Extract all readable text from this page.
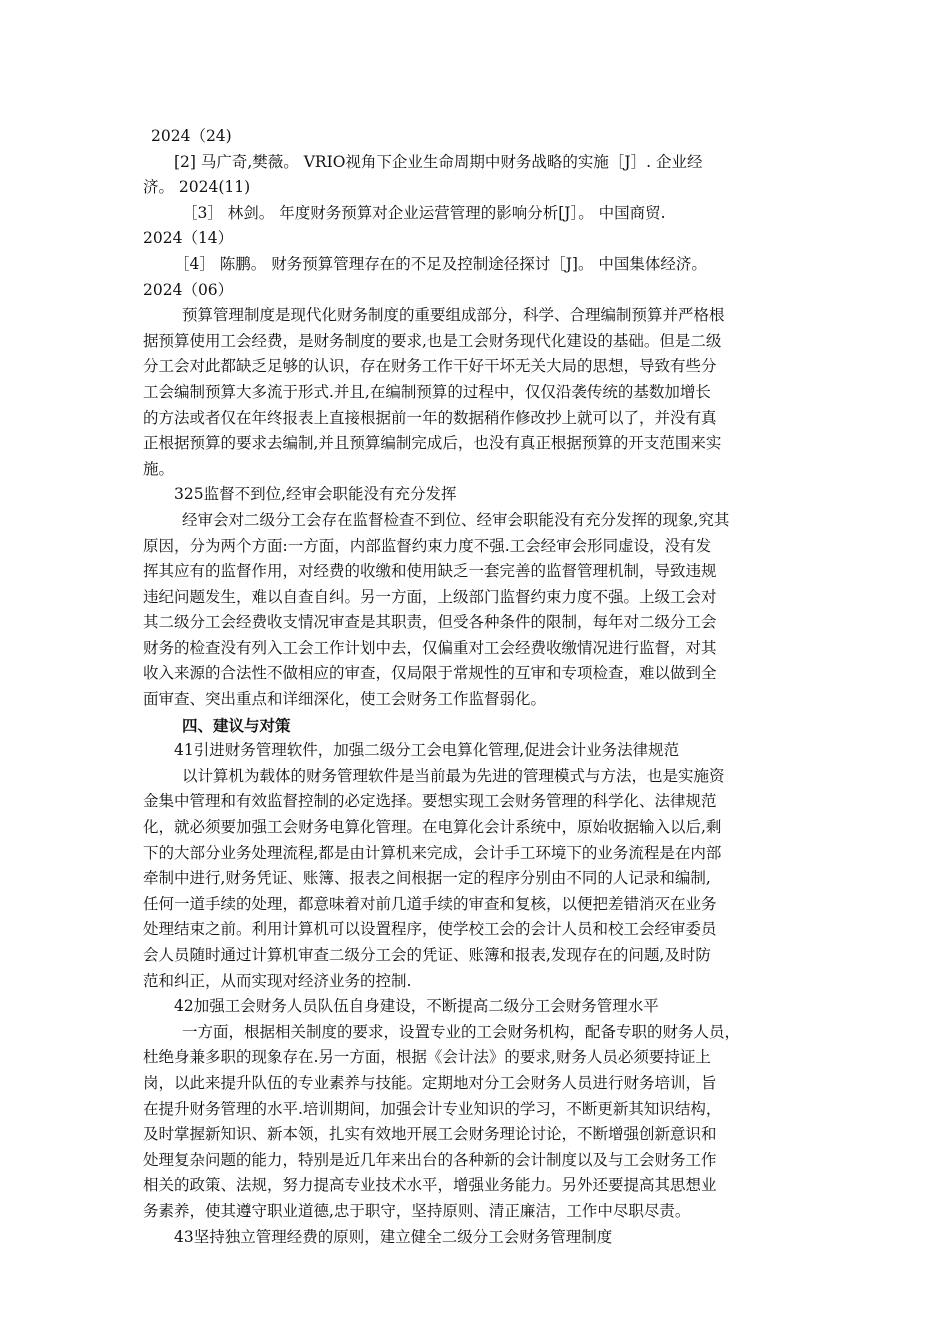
2024（24)
[2] 马广奇,樊薇。 VRIO视角下企业生命周期中财务战略的实施［J］. 企业经
济。 2024(11)
［3］ 林剑。 年度财务预算对企业运营管理的影响分析[J］。 中国商贸.
2024（14）
［4］ 陈鹏。 财务预算管理存在的不足及控制途径探讨［J]。 中国集体经济。
2024（06）
预算管理制度是现代化财务制度的重要组成部分，科学、合理编制预算并严格根
据预算使用工会经费，是财务制度的要求,也是工会财务现代化建设的基础。但是二级
分工会对此都缺乏足够的认识，存在财务工作干好干坏无关大局的思想，导致有些分
工会编制预算大多流于形式.并且,在编制预算的过程中，仅仅沿袭传统的基数加增长
的方法或者仅在年终报表上直接根据前一年的数据稍作修改抄上就可以了，并没有真
正根据预算的要求去编制,并且预算编制完成后，也没有真正根据预算的开支范围来实
施。
325监督不到位,经审会职能没有充分发挥
经审会对二级分工会存在监督检查不到位、经审会职能没有充分发挥的现象,究其
原因，分为两个方面:一方面，内部监督约束力度不强.工会经审会形同虚设，没有发
挥其应有的监督作用，对经费的收缴和使用缺乏一套完善的监督管理机制，导致违规
违纪问题发生，难以自查自纠。另一方面，上级部门监督约束力度不强。上级工会对
其二级分工会经费收支情况审查是其职责，但受各种条件的限制，每年对二级分工会
财务的检查没有列入工会工作计划中去，仅偏重对工会经费收缴情况进行监督，对其
收入来源的合法性不做相应的审查，仅局限于常规性的互审和专项检查，难以做到全
面审查、突出重点和详细深化，使工会财务工作监督弱化。
四、建议与对策
41引进财务管理软件，加强二级分工会电算化管理,促进会计业务法律规范
以计算机为载体的财务管理软件是当前最为先进的管理模式与方法，也是实施资
金集中管理和有效监督控制的必定选择。要想实现工会财务管理的科学化、法律规范
化，就必须要加强工会财务电算化管理。在电算化会计系统中，原始收据输入以后,剩
下的大部分业务处理流程,都是由计算机来完成，会计手工环境下的业务流程是在内部
牵制中进行,财务凭证、账簿、报表之间根据一定的程序分别由不同的人记录和编制,
任何一道手续的处理，都意味着对前几道手续的审查和复核，以便把差错消灭在业务
处理结束之前。利用计算机可以设置程序，使学校工会的会计人员和校工会经审委员
会人员随时通过计算机审查二级分工会的凭证、账簿和报表,发现存在的问题,及时防
范和纠正，从而实现对经济业务的控制.
42加强工会财务人员队伍自身建设，不断提高二级分工会财务管理水平
一方面，根据相关制度的要求，设置专业的工会财务机构，配备专职的财务人员，
杜绝身兼多职的现象存在.另一方面，根据《会计法》的要求,财务人员必须要持证上
岗，以此来提升队伍的专业素养与技能。定期地对分工会财务人员进行财务培训，旨
在提升财务管理的水平.培训期间，加强会计专业知识的学习，不断更新其知识结构，
及时掌握新知识、新本领，扎实有效地开展工会财务理论讨论，不断增强创新意识和
处理复杂问题的能力，特别是近几年来出台的各种新的会计制度以及与工会财务工作
相关的政策、法规，努力提高专业技术水平，增强业务能力。另外还要提高其思想业
务素养，使其遵守职业道德,忠于职守，坚持原则、清正廉洁，工作中尽职尽责。
43坚持独立管理经费的原则，建立健全二级分工会财务管理制度
